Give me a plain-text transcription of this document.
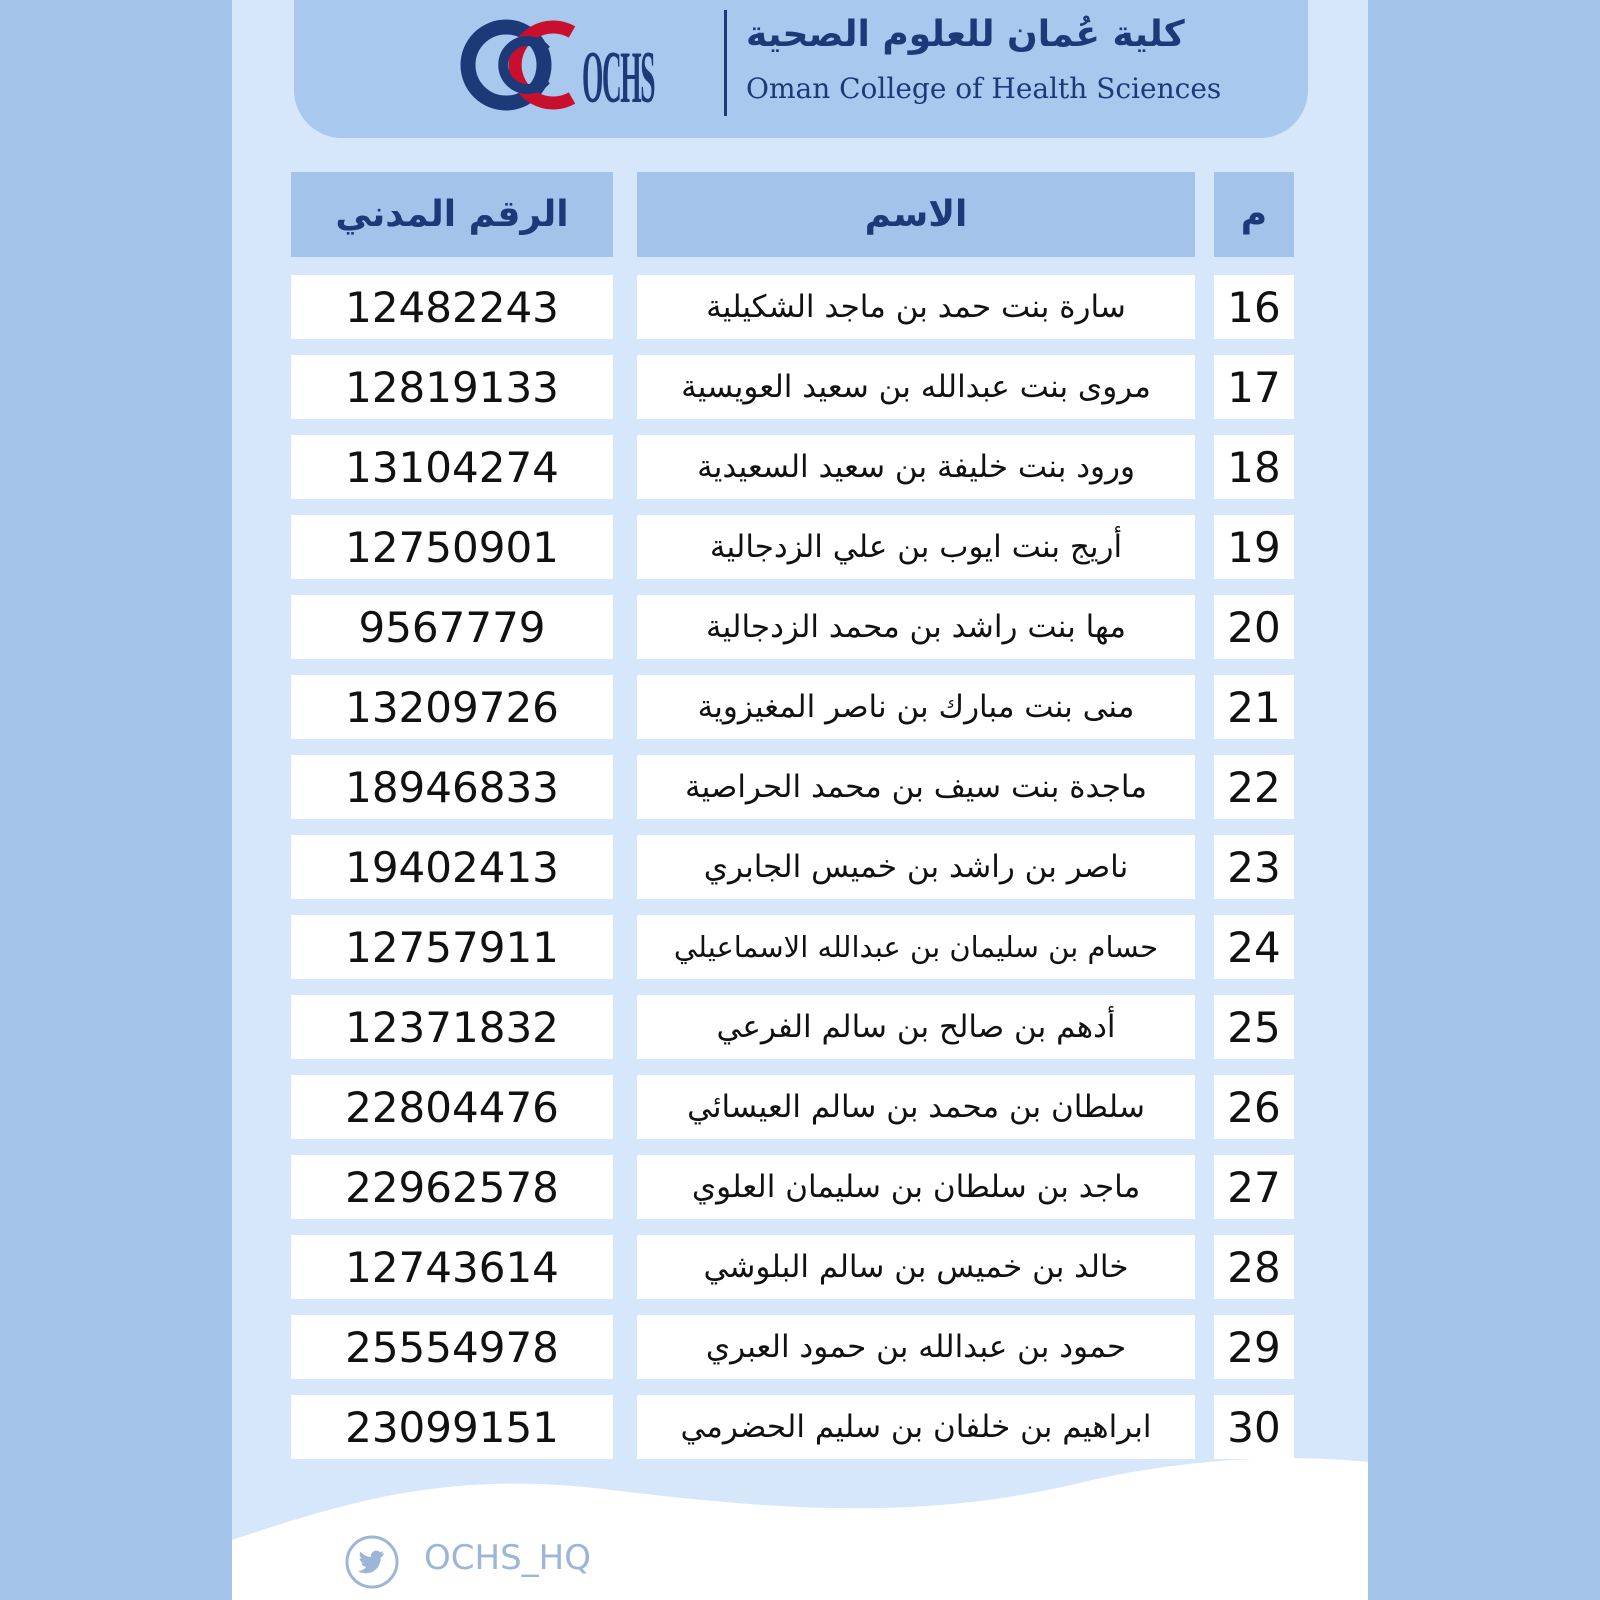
OCHS
كلية عُمان للعلوم الصحية
Oman College of Health Sciences
الرقم المدني	الاسم	م
12482243	سارة بنت حمد بن ماجد الشكيلية	16
12819133	مروى بنت عبدالله بن سعيد العويسية	17
13104274	ورود بنت خليفة بن سعيد السعيدية	18
12750901	أريج بنت ايوب بن علي الزدجالية	19
9567779	مها بنت راشد بن محمد الزدجالية	20
13209726	منى بنت مبارك بن ناصر المغيزوية	21
18946833	ماجدة بنت سيف بن محمد الحراصية	22
19402413	ناصر بن راشد بن خميس الجابري	23
12757911	حسام بن سليمان بن عبدالله الاسماعيلي	24
12371832	أدهم بن صالح بن سالم الفرعي	25
22804476	سلطان بن محمد بن سالم العيسائي	26
22962578	ماجد بن سلطان بن سليمان العلوي	27
12743614	خالد بن خميس بن سالم البلوشي	28
25554978	حمود بن عبدالله بن حمود العبري	29
23099151	ابراهيم بن خلفان بن سليم الحضرمي	30
OCHS_HQ
